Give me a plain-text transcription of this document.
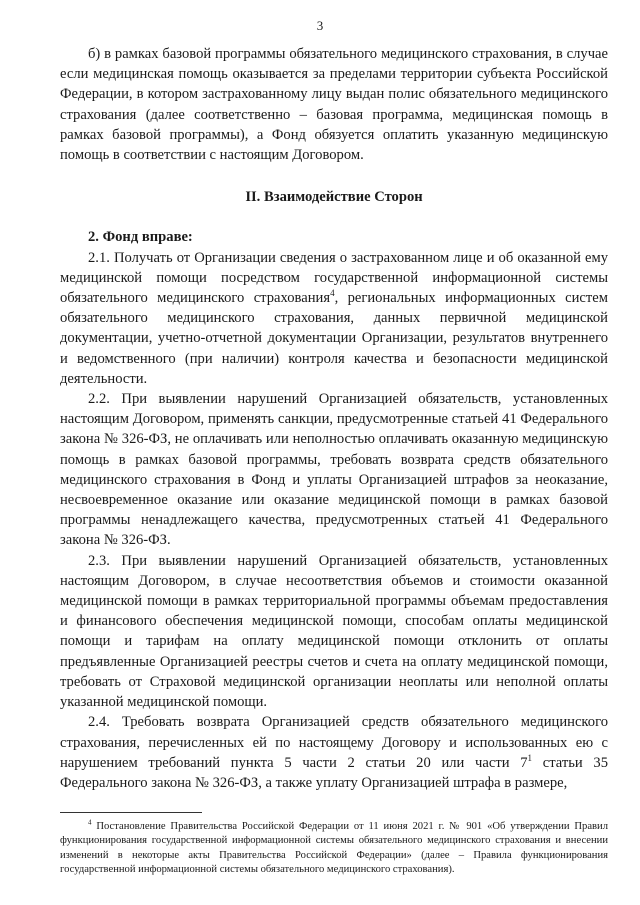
3

б) в рамках базовой программы обязательного медицинского страхования, в случае если медицинская помощь оказывается за пределами территории субъекта Российской Федерации, в котором застрахованному лицу выдан полис обязательного медицинского страхования (далее соответственно – базовая программа, медицинская помощь в рамках базовой программы), а Фонд обязуется оплатить указанную медицинскую помощь в соответствии с настоящим Договором.

II. Взаимодействие Сторон

2. Фонд вправе:

2.1. Получать от Организации сведения о застрахованном лице и об оказанной ему медицинской помощи посредством государственной информационной системы обязательного медицинского страхования$^4$, региональных информационных систем обязательного медицинского страхования, данных первичной медицинской документации, учетно-отчетной документации Организации, результатов внутреннего и ведомственного (при наличии) контроля качества и безопасности медицинской деятельности.

2.2. При выявлении нарушений Организацией обязательств, установленных настоящим Договором, применять санкции, предусмотренные статьей 41 Федерального закона № 326-ФЗ, не оплачивать или неполностью оплачивать оказанную медицинскую помощь в рамках базовой программы, требовать возврата средств обязательного медицинского страхования в Фонд и уплаты Организацией штрафов за неоказание, несвоевременное оказание или оказание медицинской помощи в рамках базовой программы ненадлежащего качества, предусмотренных статьей 41 Федерального закона № 326-ФЗ.

2.3. При выявлении нарушений Организацией обязательств, установленных настоящим Договором, в случае несоответствия объемов и стоимости оказанной медицинской помощи в рамках территориальной программы объемам предоставления и финансового обеспечения медицинской помощи, способам оплаты медицинской помощи и тарифам на оплату медицинской помощи отклонить от оплаты предъявленные Организацией реестры счетов и счета на оплату медицинской помощи, требовать от Страховой медицинской организации неоплаты или неполной оплаты указанной медицинской помощи.

2.4. Требовать возврата Организацией средств обязательного медицинского страхования, перечисленных ей по настоящему Договору и использованных ею с нарушением требований пункта 5 части 2 статьи 20 или части $7^1$ статьи 35 Федерального закона № 326-ФЗ, а также уплату Организацией штрафа в размере,

$^4$ Постановление Правительства Российской Федерации от 11 июня 2021 г. № 901 «Об утверждении Правил функционирования государственной информационной системы обязательного медицинского страхования и внесении изменений в некоторые акты Правительства Российской Федерации» (далее – Правила функционирования государственной информационной системы обязательного медицинского страхования).
